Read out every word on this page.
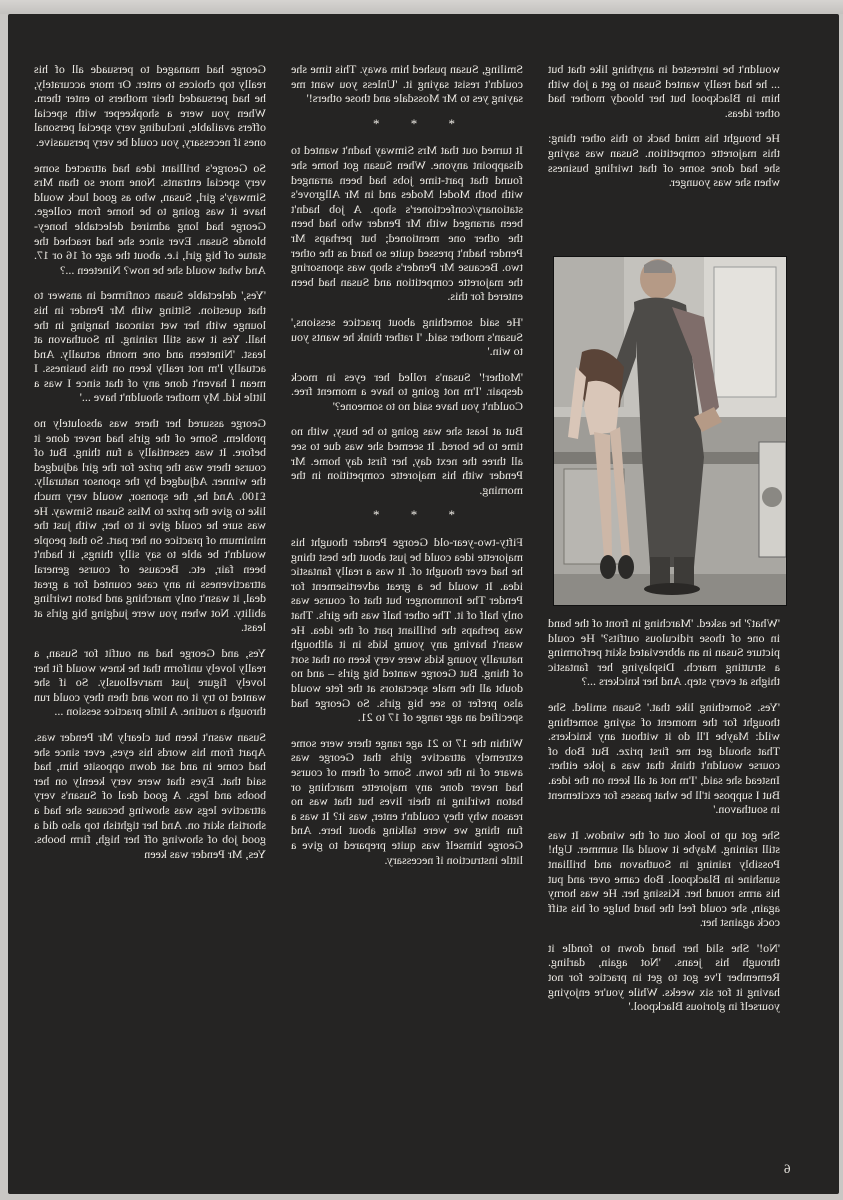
George had managed to persuade all of his really top choices to enter. Or more accurately, he had persuaded their mothers to enter them. When you were a shopkeeper with special offers available, including very special personal ones if necessary, you could be very persuasive.

So George's brilliant idea had attracted some very special entrants. None more so than Mrs Simway's girl, Susan, who as good luck would have it was going to be home from college. George had long admired delectable honey-blonde Susan. Ever since she had reached the statue of big girl, i.e. about the age of 16 or 17. And what would she be now? Nineteen ...?

'Yes,' delectable Susan confirmed in answer to that question. Sitting with Mr Pender in his lounge with her wet raincoat hanging in the hall. Yes it was still raining. In Southavon at least. 'Nineteen and one month actually. And actually I'm not really keen on this business. I mean I haven't done any of that since I was a little kid. My mother shouldn't have ...'

George assured her there was absolutely no problem. Some of the girls had never done it before. It was essentially a fun thing. But of course there was the prize for the girl adjudged the winner. Adjudged by the sponsor naturally. £100. And he, the sponsor, would very much like to give the prize to Miss Susan Simway. He was sure he could give it to her, with just the minimum of practice on her part. So that people wouldn't be able to say silly things, it hadn't been fair, etc. Because of course general attractiveness in any case counted for a great deal, it wasn't only marching and baton twirling ability. Not when you were judging big girls at least.

Yes, and George had an outfit for Susan, a really lovely uniform that he knew would fit her lovely figure just marvellously. So if she wanted to try it on now and then they could run through a routine. A little practice session ...

Susan wasn't keen but clearly Mr Pender was. Apart from his words his eyes, ever since she had come in and sat down opposite him, had said that. Eyes that were very keenly on her boobs and legs. A good deal of Susan's very attractive legs was showing because she had a shortish skirt on. And her tightish top also did a good job of showing off her high, firm boobs. Yes, Mr Pender was keen

Smiling, Susan pushed him away. This time she couldn't resist saying it. 'Unless you want me saying yes to Mr Mossdale and those others!'

* * *

It turned out that Mrs Simway hadn't wanted to disappoint anyone. When Susan got home she found that part-time jobs had been arranged with both Model Modes and in Mr Allgrove's stationary/confectioner's shop. A job hadn't been arranged with Mr Pender who had been the other one mentioned; but perhaps Mr Pender hadn't pressed quite so hard as the other two. Because Mr Pender's shop was sponsoring the majorette competition and Susan had been entered for this.

'He said something about practice sessions,' Susan's mother said. 'I rather think he wants you to win.'

'Mother!' Susan's rolled her eyes in mock despair. 'I'm not going to have a moment free. Couldn't you have said no to someone?'

But at least she was going to be busy, with no time to be bored. It seemed she was due to see all three the next day, her first day home. Mr Pender with his majorette competition in the morning.

* * *

Fifty-two-year-old George Pender thought his majorette idea could be just about the best thing he had ever thought of. It was a really fantastic idea. It would be a great advertisement for Pender The Ironmonger but that of course was only half of it. The other half was the girls. That was perhaps the brilliant part of the idea. He wasn't having any young kids in it although naturally young kids were very keen on that sort of thing. But George wanted big girls – and no doubt all the male spectators at the fete would also prefer to see big girls. So George had specified an age range of 17 to 21.

Within the 17 to 21 age range there were some extremely attractive girls that George was aware of in the town. Some of them of course had never done any majorette marching or baton twirling in their lives but that was no reason why they couldn't enter, was it? It was a fun thing we were talking about here. And George himself was quite prepared to give a little instruction if necessary.

wouldn't be interested in anything like that but ... he had really wanted Susan to get a job with him in Blackpool but her bloody mother had other ideas.

He brought his mind back to this other thing: this majorette competition. Susan was saying she had done some of that twirling business when she was younger.

'What?' he asked. 'Marching in front of the band in one of those ridiculous outfits?' He could picture Susan in an abbreviated skirt performing a strutting march. Displaying her fantastic thighs at every step. And her knickers ...?

'Yes. Something like that.' Susan smiled. She thought for the moment of saying something wild: Maybe I'll do it without any knickers. That should get me first prize. But Bob of course wouldn't think that was a joke either. Instead she said, 'I'm not at all keen on the idea. But I suppose it'll be what passes for excitement in southavon.'

She got up to look out of the window. It was still raining. Maybe it would all summer. Ugh! Possibly raining in Southavon and brilliant sunshine in Blackpool. Bob came over and put his arms round her. Kissing her. He was horny again, she could feel the hard bulge of his stiff cock against her.

'No!' She slid her hand down to fondle it through his jeans. 'Not again, darling. Remember I've got to get in practice for not having it for six weeks. While you're enjoying yourself in glorious Blackpool.'

6
